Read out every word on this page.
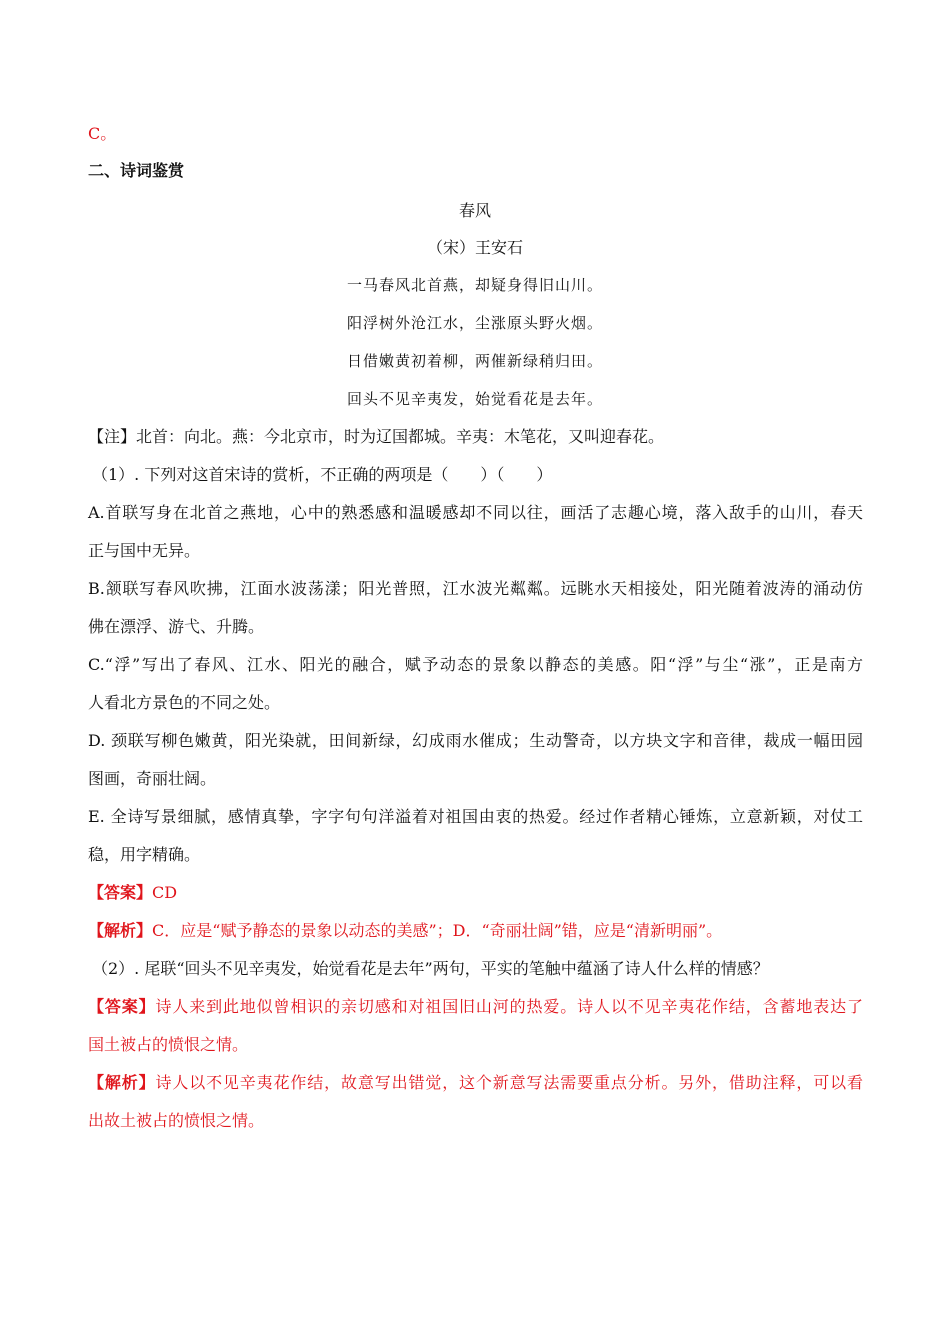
C。
二、诗词鉴赏
春风
（宋）王安石
一马春风北首燕，却疑身得旧山川。
阳浮树外沧江水，尘涨原头野火烟。
日借嫩黄初着柳，两催新绿稍归田。
回头不见辛夷发，始觉看花是去年。
【注】北首：向北。燕：今北京市，时为辽国都城。辛夷：木笔花，又叫迎春花。
（1）. 下列对这首宋诗的赏析，不正确的两项是（　　）（　　）
A.首联写身在北首之燕地，心中的熟悉感和温暖感却不同以往，画活了志趣心境，落入敌手的山川，春天
正与国中无异。
B.颔联写春风吹拂，江面水波荡漾；阳光普照，江水波光粼粼。远眺水天相接处，阳光随着波涛的涌动仿
佛在漂浮、游弋、升腾。
C.“浮”写出了春风、江水、阳光的融合，赋予动态的景象以静态的美感。阳“浮”与尘“涨”，正是南方
人看北方景色的不同之处。
D. 颈联写柳色嫩黄，阳光染就，田间新绿，幻成雨水催成；生动警奇，以方块文字和音律，裁成一幅田园
图画，奇丽壮阔。
E. 全诗写景细腻，感情真挚，字字句句洋溢着对祖国由衷的热爱。经过作者精心锤炼，立意新颖，对仗工
稳，用字精确。
【答案】CD
【解析】C．应是“赋予静态的景象以动态的美感”；D．“奇丽壮阔”错，应是“清新明丽”。
（2）. 尾联“回头不见辛夷发，始觉看花是去年”两句，平实的笔触中蕴涵了诗人什么样的情感？
【答案】诗人来到此地似曾相识的亲切感和对祖国旧山河的热爱。诗人以不见辛夷花作结，含蓄地表达了
国土被占的愤恨之情。
【解析】诗人以不见辛夷花作结，故意写出错觉，这个新意写法需要重点分析。另外，借助注释，可以看
出故土被占的愤恨之情。
